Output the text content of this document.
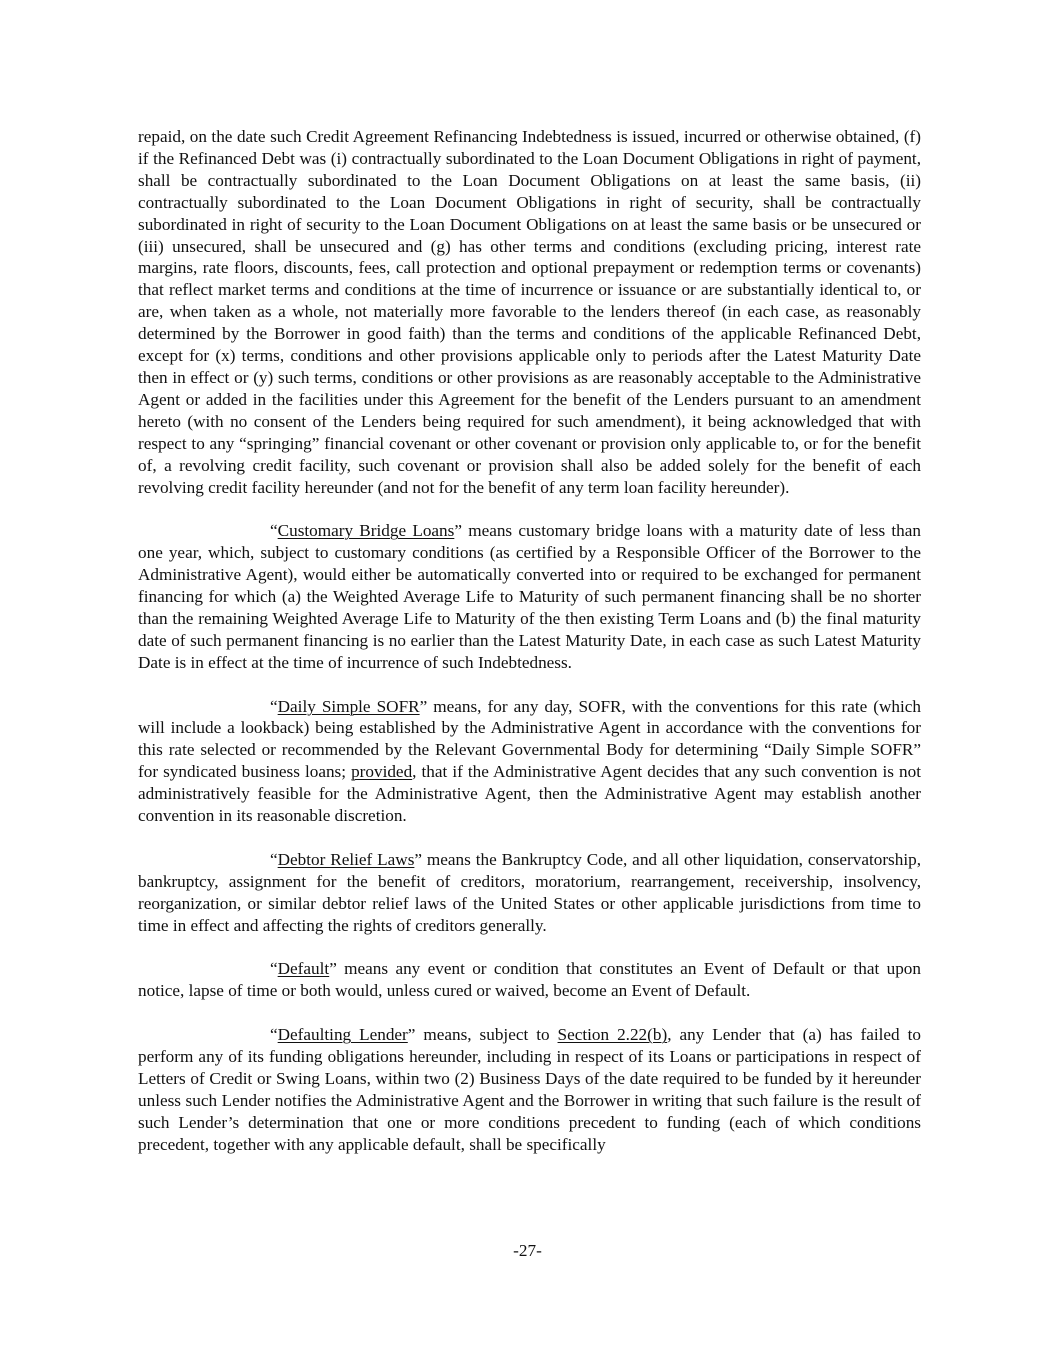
repaid, on the date such Credit Agreement Refinancing Indebtedness is issued, incurred or otherwise obtained, (f) if the Refinanced Debt was (i) contractually subordinated to the Loan Document Obligations in right of payment, shall be contractually subordinated to the Loan Document Obligations on at least the same basis, (ii) contractually subordinated to the Loan Document Obligations in right of security, shall be contractually subordinated in right of security to the Loan Document Obligations on at least the same basis or be unsecured or (iii) unsecured, shall be unsecured and (g) has other terms and conditions (excluding pricing, interest rate margins, rate floors, discounts, fees, call protection and optional prepayment or redemption terms or covenants) that reflect market terms and conditions at the time of incurrence or issuance or are substantially identical to, or are, when taken as a whole, not materially more favorable to the lenders thereof (in each case, as reasonably determined by the Borrower in good faith) than the terms and conditions of the applicable Refinanced Debt, except for (x) terms, conditions and other provisions applicable only to periods after the Latest Maturity Date then in effect or (y) such terms, conditions or other provisions as are reasonably acceptable to the Administrative Agent or added in the facilities under this Agreement for the benefit of the Lenders pursuant to an amendment hereto (with no consent of the Lenders being required for such amendment), it being acknowledged that with respect to any “springing” financial covenant or other covenant or provision only applicable to, or for the benefit of, a revolving credit facility, such covenant or provision shall also be added solely for the benefit of each revolving credit facility hereunder (and not for the benefit of any term loan facility hereunder).

“Customary Bridge Loans” means customary bridge loans with a maturity date of less than one year, which, subject to customary conditions (as certified by a Responsible Officer of the Borrower to the Administrative Agent), would either be automatically converted into or required to be exchanged for permanent financing for which (a) the Weighted Average Life to Maturity of such permanent financing shall be no shorter than the remaining Weighted Average Life to Maturity of the then existing Term Loans and (b) the final maturity date of such permanent financing is no earlier than the Latest Maturity Date, in each case as such Latest Maturity Date is in effect at the time of incurrence of such Indebtedness.

“Daily Simple SOFR” means, for any day, SOFR, with the conventions for this rate (which will include a lookback) being established by the Administrative Agent in accordance with the conventions for this rate selected or recommended by the Relevant Governmental Body for determining “Daily Simple SOFR” for syndicated business loans; provided, that if the Administrative Agent decides that any such convention is not administratively feasible for the Administrative Agent, then the Administrative Agent may establish another convention in its reasonable discretion.

“Debtor Relief Laws” means the Bankruptcy Code, and all other liquidation, conservatorship, bankruptcy, assignment for the benefit of creditors, moratorium, rearrangement, receivership, insolvency, reorganization, or similar debtor relief laws of the United States or other applicable jurisdictions from time to time in effect and affecting the rights of creditors generally.

“Default” means any event or condition that constitutes an Event of Default or that upon notice, lapse of time or both would, unless cured or waived, become an Event of Default.

“Defaulting Lender” means, subject to Section 2.22(b), any Lender that (a) has failed to perform any of its funding obligations hereunder, including in respect of its Loans or participations in respect of Letters of Credit or Swing Loans, within two (2) Business Days of the date required to be funded by it hereunder unless such Lender notifies the Administrative Agent and the Borrower in writing that such failure is the result of such Lender’s determination that one or more conditions precedent to funding (each of which conditions precedent, together with any applicable default, shall be specifically

-27-
